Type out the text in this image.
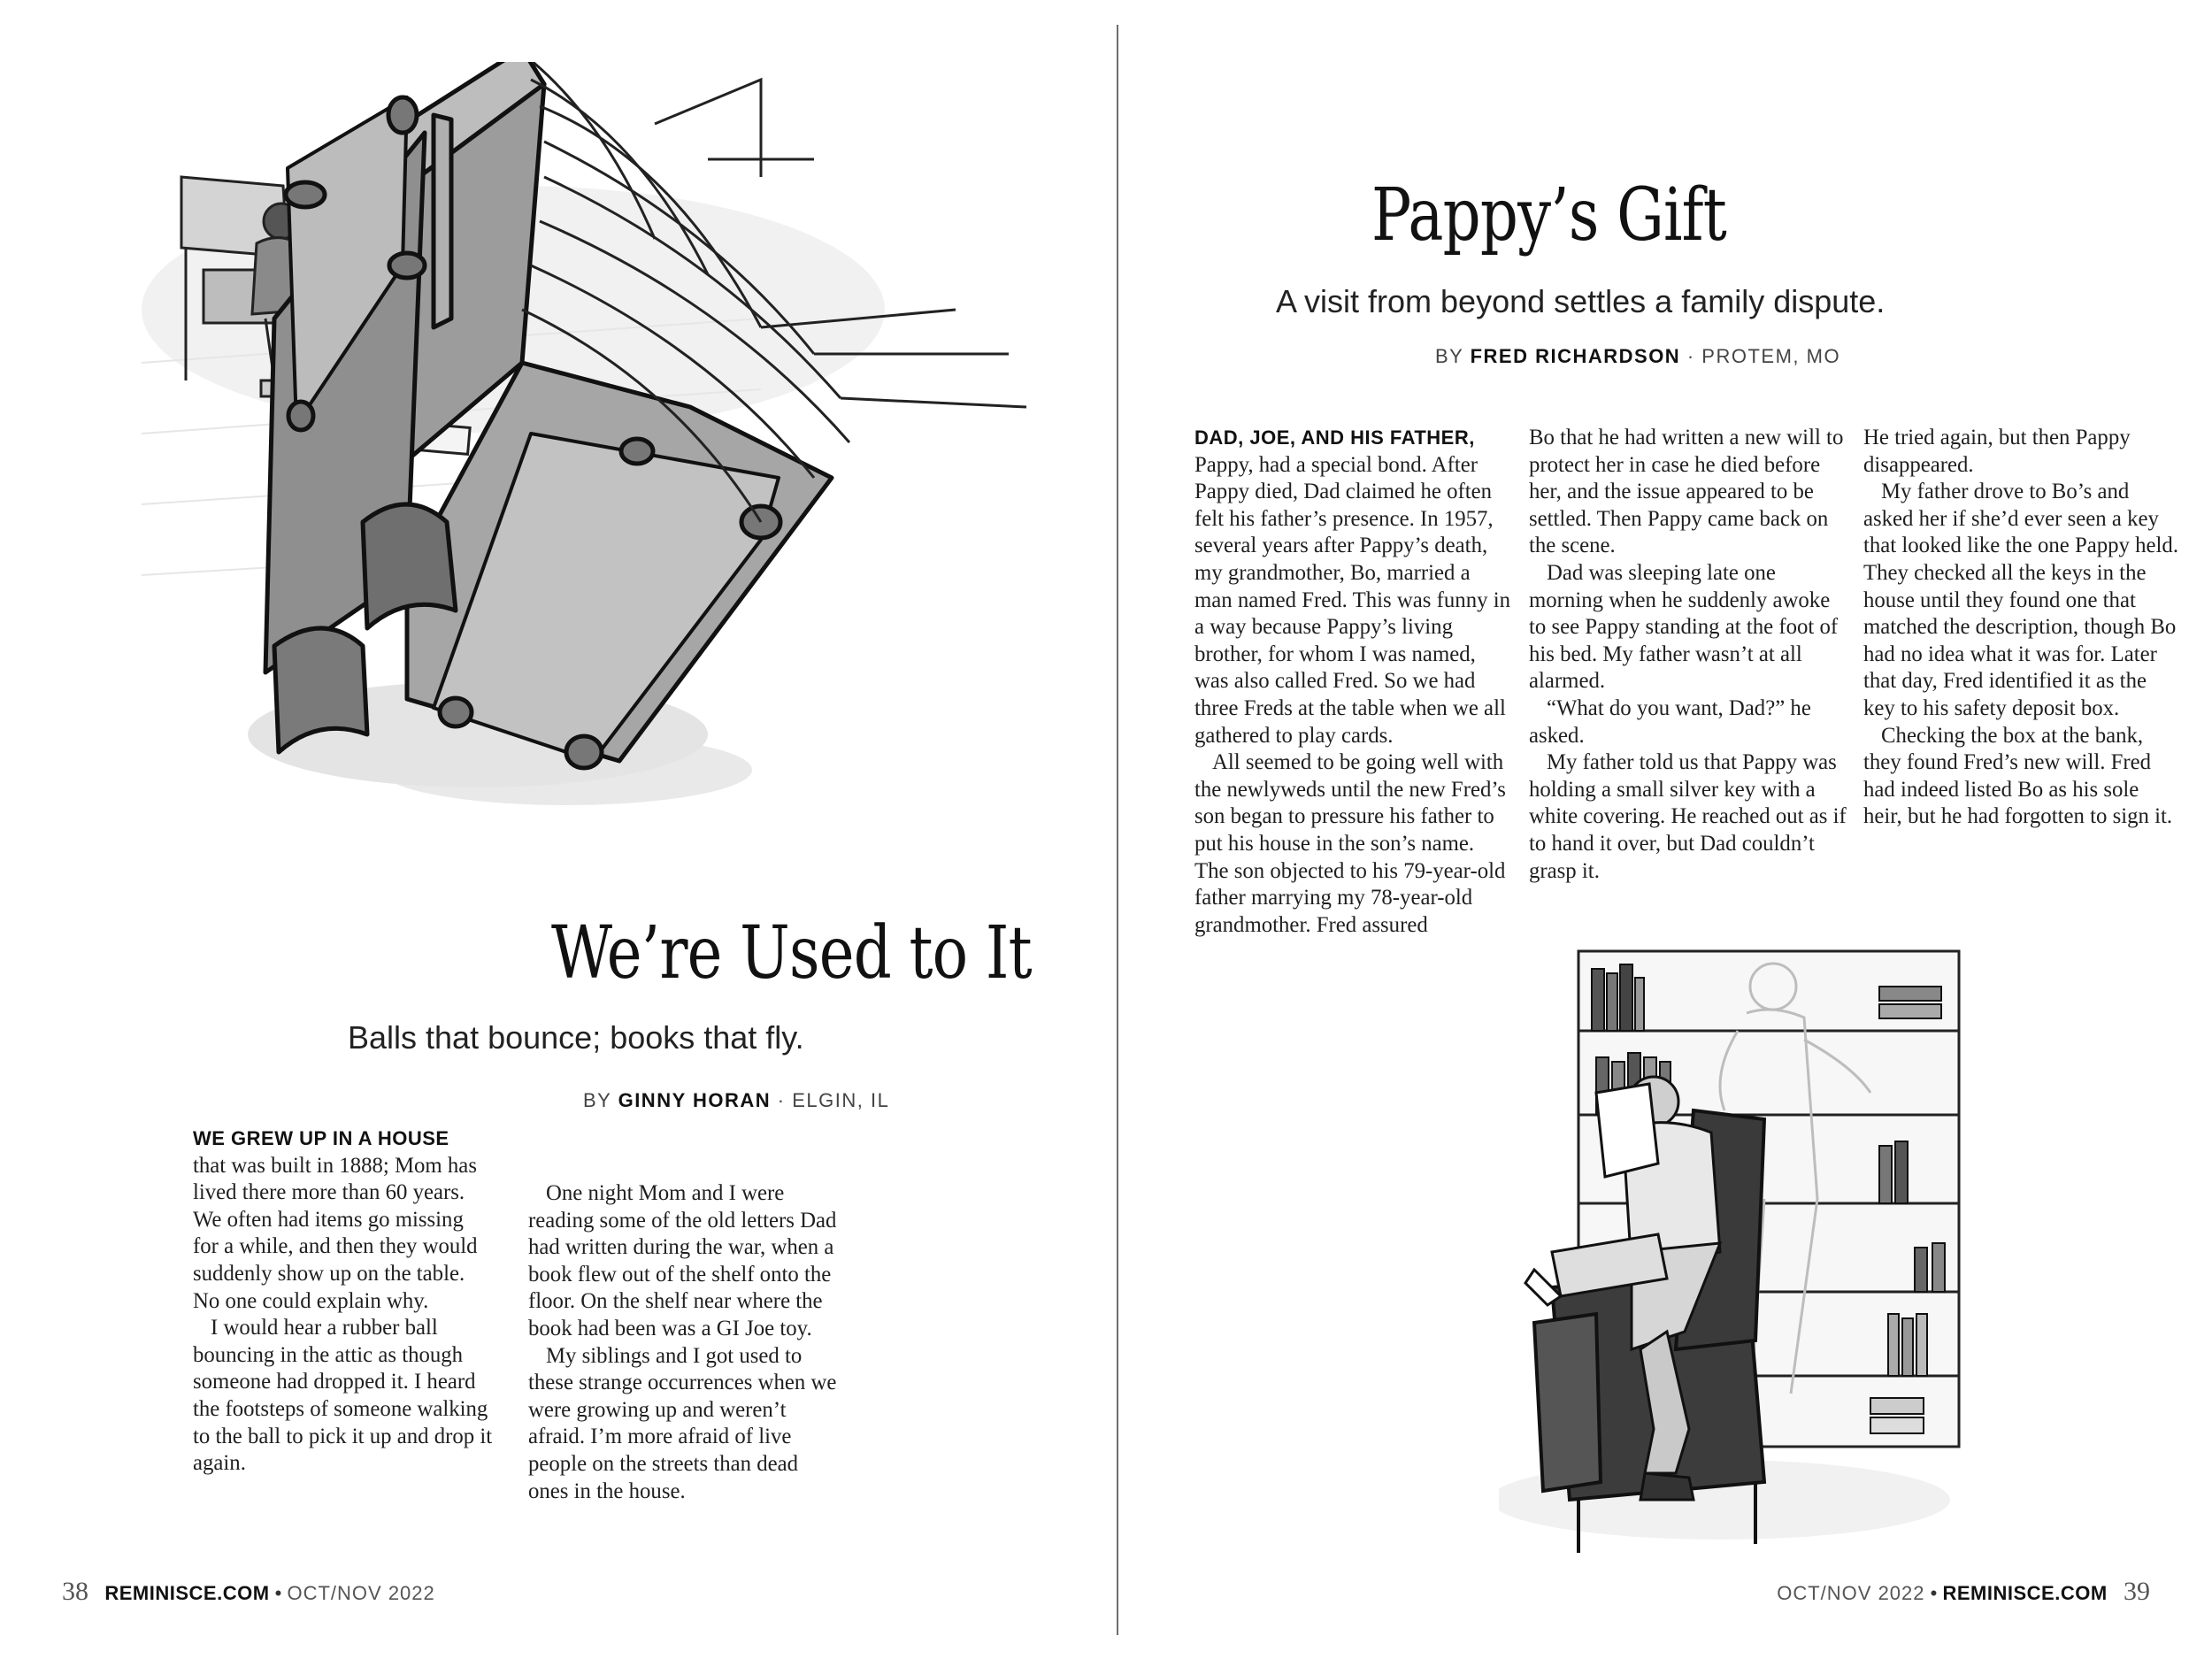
We’re Used to It
Balls that bounce; books that fly.
BY GINNY HORAN · ELGIN, IL
WE GREW UP IN A HOUSE

that was built in 1888; Mom has lived there more than 60 years. We often had items go missing for a while, and then they would suddenly show up on the table. No one could explain why.

I would hear a rubber ball bouncing in the attic as though someone had dropped it. I heard the footsteps of someone walking to the ball to pick it up and drop it again.

One night Mom and I were reading some of the old letters Dad had written during the war, when a book flew out of the shelf onto the floor. On the shelf near where the book had been was a GI Joe toy.

My siblings and I got used to these strange occurrences when we were growing up and weren’t afraid. I’m more afraid of live people on the streets than dead ones in the house.

38 REMINISCE.COM • OCT/NOV 2022
Pappy’s Gift
A visit from beyond settles a family dispute.
BY FRED RICHARDSON · PROTEM, MO
DAD, JOE, AND HIS FATHER,

Pappy, had a special bond. After Pappy died, Dad claimed he often felt his father’s presence. In 1957, several years after Pappy’s death, my grandmother, Bo, married a man named Fred. This was funny in a way because Pappy’s living brother, for whom I was named, was also called Fred. So we had three Freds at the table when we all gathered to play cards.

All seemed to be going well with the newlyweds until the new Fred’s son began to pressure his father to put his house in the son’s name. The son objected to his 79-year-old father marrying my 78-year-old grandmother. Fred assured

Bo that he had written a new will to protect her in case he died before her, and the issue appeared to be settled. Then Pappy came back on the scene.

Dad was sleeping late one morning when he suddenly awoke to see Pappy standing at the foot of his bed. My father wasn’t at all alarmed.

“What do you want, Dad?” he asked.

My father told us that Pappy was holding a small silver key with a white covering. He reached out as if to hand it over, but Dad couldn’t grasp it.

He tried again, but then Pappy disappeared.

My father drove to Bo’s and asked her if she’d ever seen a key that looked like the one Pappy held. They checked all the keys in the house until they found one that matched the description, though Bo had no idea what it was for. Later that day, Fred identified it as the key to his safety deposit box.

Checking the box at the bank, they found Fred’s new will. Fred had indeed listed Bo as his sole heir, but he had forgotten to sign it.

OCT/NOV 2022 • REMINISCE.COM 39
